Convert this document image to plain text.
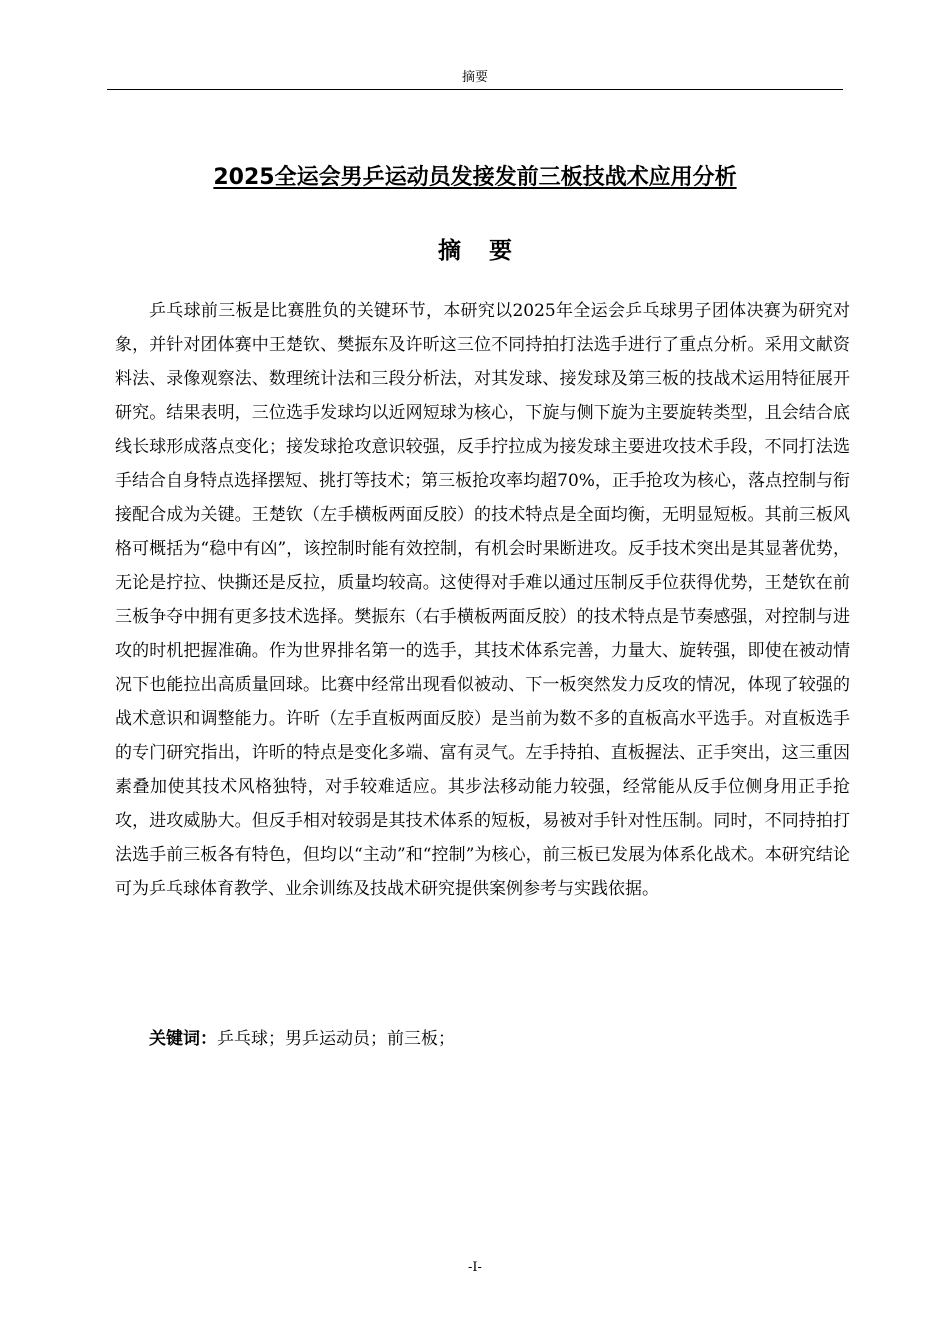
摘要
2025全运会男乒运动员发接发前三板技战术应用分析
摘要

乒乓球前三板是比赛胜负的关键环节，本研究以2025年全运会乒乓球男子团体决赛为研究对象，并针对团体赛中王楚钦、樊振东及许昕这三位不同持拍打法选手进行了重点分析。采用文献资料法、录像观察法、数理统计法和三段分析法，对其发球、接发球及第三板的技战术运用特征展开研究。结果表明，三位选手发球均以近网短球为核心，下旋与侧下旋为主要旋转类型，且会结合底线长球形成落点变化；接发球抢攻意识较强，反手拧拉成为接发球主要进攻技术手段，不同打法选手结合自身特点选择摆短、挑打等技术；第三板抢攻率均超70%，正手抢攻为核心，落点控制与衔接配合成为关键。王楚钦（左手横板两面反胶）的技术特点是全面均衡，无明显短板。其前三板风格可概括为“稳中有凶”，该控制时能有效控制，有机会时果断进攻。反手技术突出是其显著优势，无论是拧拉、快撕还是反拉，质量均较高。这使得对手难以通过压制反手位获得优势，王楚钦在前三板争夺中拥有更多技术选择。樊振东（右手横板两面反胶）的技术特点是节奏感强，对控制与进攻的时机把握准确。作为世界排名第一的选手，其技术体系完善，力量大、旋转强，即使在被动情况下也能拉出高质量回球。比赛中经常出现看似被动、下一板突然发力反攻的情况，体现了较强的战术意识和调整能力。许昕（左手直板两面反胶）是当前为数不多的直板高水平选手。对直板选手的专门研究指出，许昕的特点是变化多端、富有灵气。左手持拍、直板握法、正手突出，这三重因素叠加使其技术风格独特，对手较难适应。其步法移动能力较强，经常能从反手位侧身用正手抢攻，进攻威胁大。但反手相对较弱是其技术体系的短板，易被对手针对性压制。同时，不同持拍打法选手前三板各有特色，但均以“主动”和“控制”为核心，前三板已发展为体系化战术。本研究结论可为乒乓球体育教学、业余训练及技战术研究提供案例参考与实践依据。

关键词：乒乓球；男乒运动员；前三板；

-I-
